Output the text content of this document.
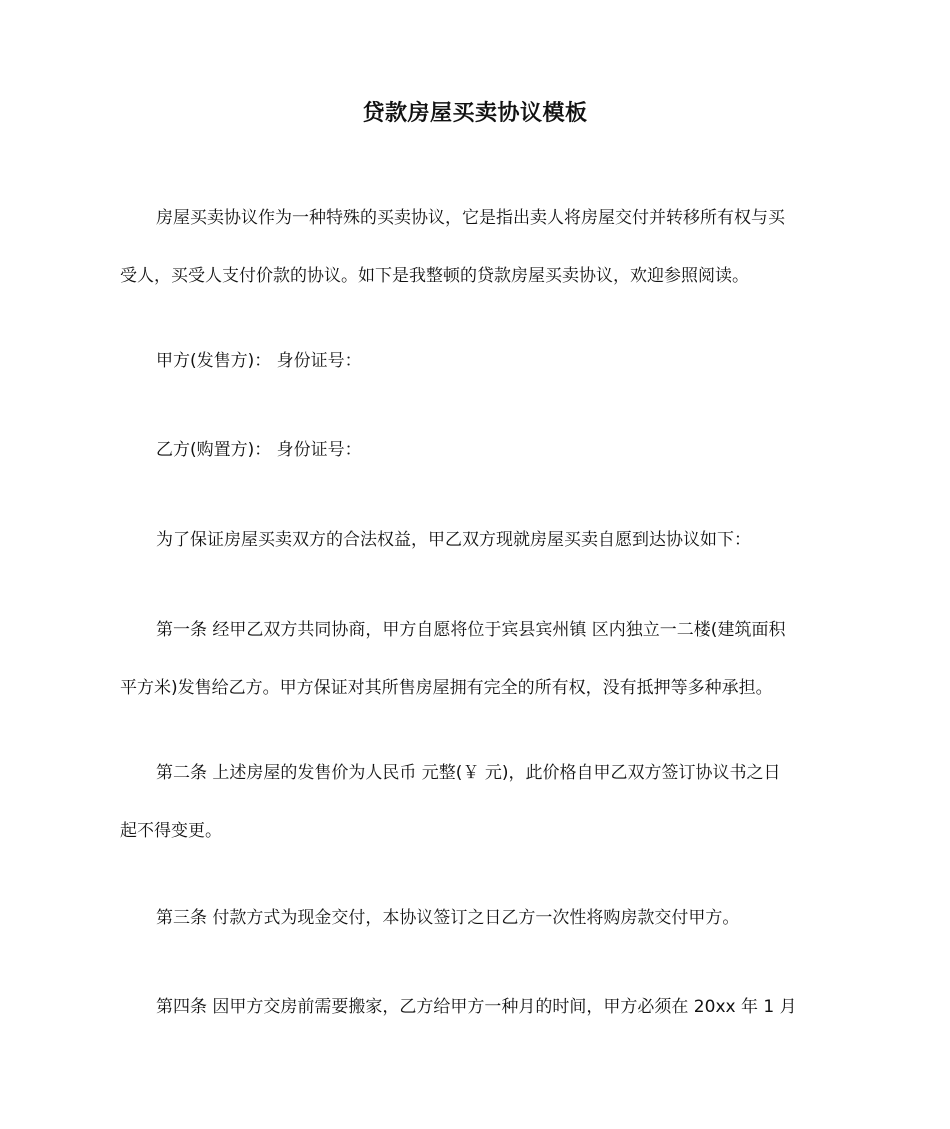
贷款房屋买卖协议模板

房屋买卖协议作为一种特殊的买卖协议，它是指出卖人将房屋交付并转移所有权与买
受人，买受人支付价款的协议。如下是我整顿的贷款房屋买卖协议，欢迎参照阅读。

甲方(发售方)： 身份证号：

乙方(购置方)： 身份证号：

为了保证房屋买卖双方的合法权益，甲乙双方现就房屋买卖自愿到达协议如下：

第一条 经甲乙双方共同协商，甲方自愿将位于宾县宾州镇 区内独立一二楼(建筑面积
平方米)发售给乙方。甲方保证对其所售房屋拥有完全的所有权，没有抵押等多种承担。

第二条 上述房屋的发售价为人民币 元整(￥ 元)，此价格自甲乙双方签订协议书之日
起不得变更。

第三条 付款方式为现金交付，本协议签订之日乙方一次性将购房款交付甲方。

第四条 因甲方交房前需要搬家，乙方给甲方一种月的时间，甲方必须在 20xx 年 1 月
